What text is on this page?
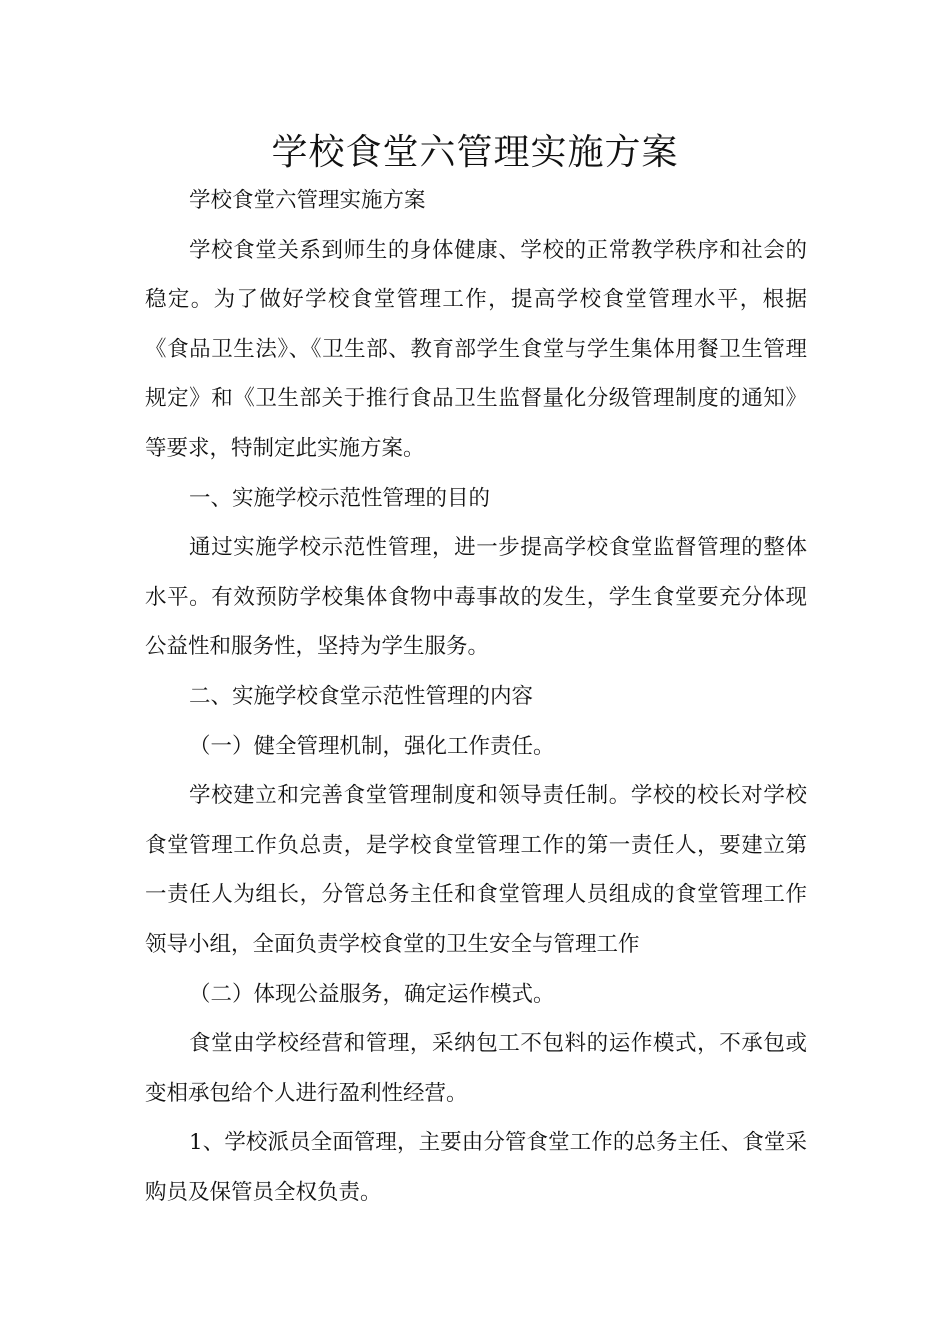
学校食堂六管理实施方案

学校食堂六管理实施方案

学校食堂关系到师生的身体健康、学校的正常教学秩序和社会的稳定。为了做好学校食堂管理工作，提高学校食堂管理水平，根据《食品卫生法》、《卫生部、教育部学生食堂与学生集体用餐卫生管理规定》和《卫生部关于推行食品卫生监督量化分级管理制度的通知》等要求，特制定此实施方案。

一、实施学校示范性管理的目的

通过实施学校示范性管理，进一步提高学校食堂监督管理的整体水平。有效预防学校集体食物中毒事故的发生，学生食堂要充分体现公益性和服务性，坚持为学生服务。

二、实施学校食堂示范性管理的内容

（一）健全管理机制，强化工作责任。

学校建立和完善食堂管理制度和领导责任制。学校的校长对学校食堂管理工作负总责，是学校食堂管理工作的第一责任人，要建立第一责任人为组长，分管总务主任和食堂管理人员组成的食堂管理工作领导小组，全面负责学校食堂的卫生安全与管理工作

（二）体现公益服务，确定运作模式。

食堂由学校经营和管理，采纳包工不包料的运作模式，不承包或变相承包给个人进行盈利性经营。

1、学校派员全面管理，主要由分管食堂工作的总务主任、食堂采购员及保管员全权负责。
